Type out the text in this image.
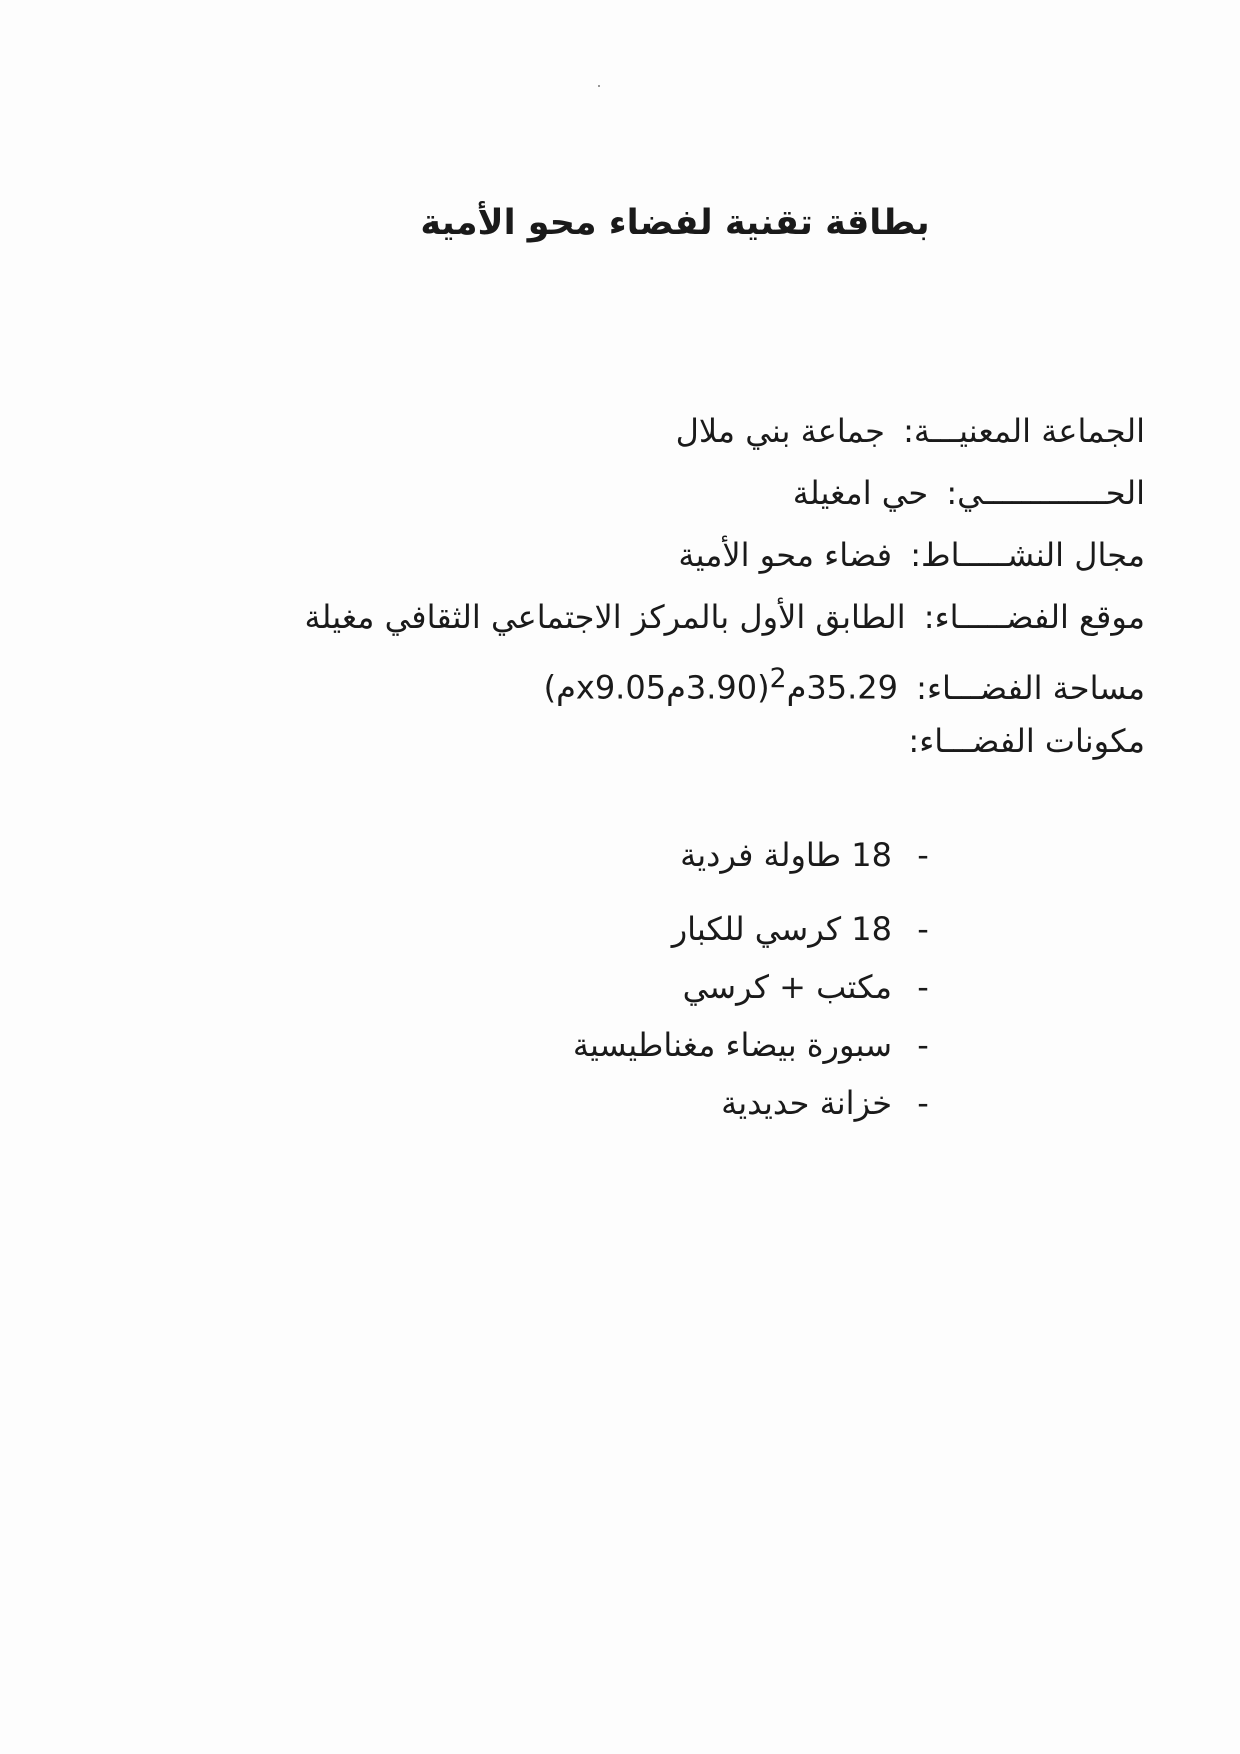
بطاقة تقنية لفضاء محو الأمية
الجماعة المعنيـــة: جماعة بني ملال
الحـــــــــــــي: حي امغيلة
مجال النشـــــاط: فضاء محو الأمية
موقع الفضـــــاء: الطابق الأول بالمركز الاجتماعي الثقافي مغيلة
مساحة الفضـــاء: 35.29م$^2$(3.90مx9.05م)
مكونات الفضـــاء:
-18 طاولة فردية
-18 كرسي للكبار
-مكتب + كرسي
-سبورة بيضاء مغناطيسية
-خزانة حديدية
